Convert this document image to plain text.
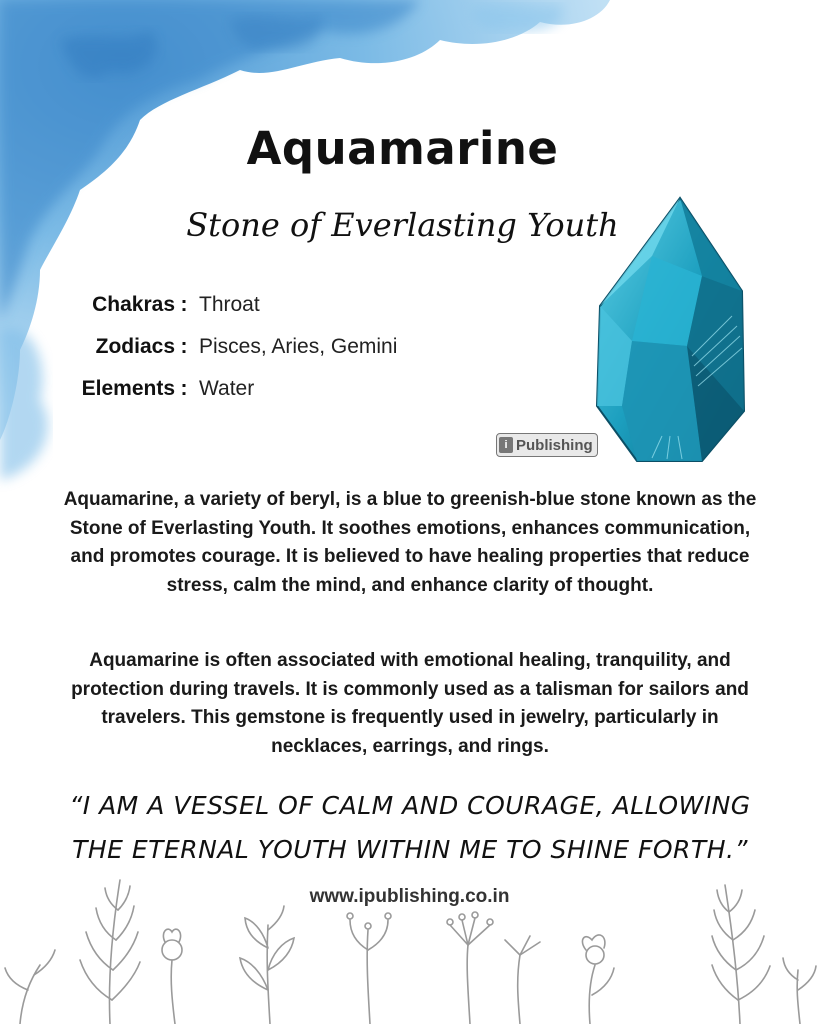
Aquamarine
Stone of Everlasting Youth
Chakras : Throat
Zodiacs : Pisces, Aries, Gemini
Elements : Water
i Publishing

Aquamarine, a variety of beryl, is a blue to greenish-blue stone known as the Stone of Everlasting Youth. It soothes emotions, enhances communication, and promotes courage. It is believed to have healing properties that reduce stress, calm the mind, and enhance clarity of thought.

Aquamarine is often associated with emotional healing, tranquility, and protection during travels. It is commonly used as a talisman for sailors and travelers. This gemstone is frequently used in jewelry, particularly in necklaces, earrings, and rings.

“I AM A VESSEL OF CALM AND COURAGE, ALLOWING THE ETERNAL YOUTH WITHIN ME TO SHINE FORTH.”
www.ipublishing.co.in
